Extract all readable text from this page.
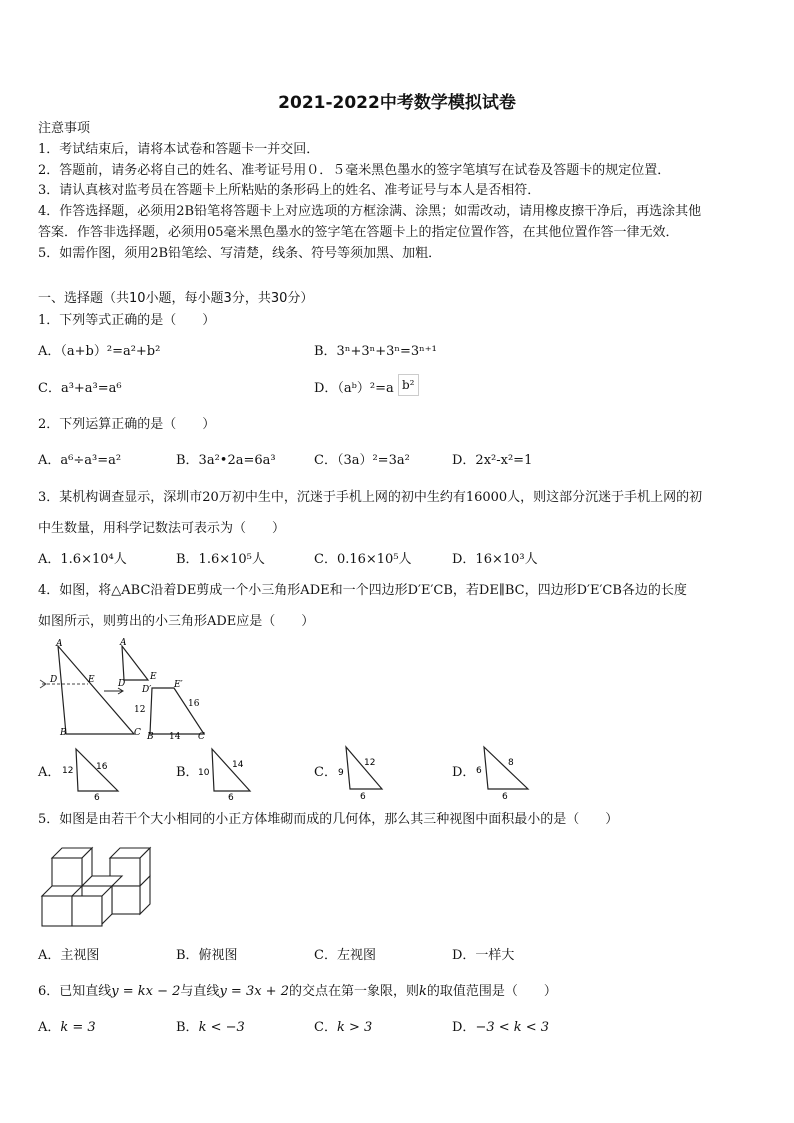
2021-2022中考数学模拟试卷
注意事项
1．考试结束后，请将本试卷和答题卡一并交回．
2．答题前，请务必将自己的姓名、准考证号用０．５毫米黑色墨水的签字笔填写在试卷及答题卡的规定位置．
3．请认真核对监考员在答题卡上所粘贴的条形码上的姓名、准考证号与本人是否相符．
4．作答选择题，必须用2B铅笔将答题卡上对应选项的方框涂满、涂黑；如需改动，请用橡皮擦干净后，再选涂其他
答案．作答非选择题，必须用05毫米黑色墨水的签字笔在答题卡上的指定位置作答，在其他位置作答一律无效．
5．如需作图，须用2B铅笔绘、写清楚，线条、符号等须加黑、加粗．
一、选择题（共10小题，每小题3分，共30分）
1．下列等式正确的是（　　）
A．（a+b）²=a²+b²	B．3ⁿ+3ⁿ+3ⁿ=3ⁿ⁺¹
C．a³+a³=a⁶	D．（aᵇ）²=a b²
2．下列运算正确的是（　　）
A．a⁶÷a³=a²	B．3a²•2a=6a³	C．（3a）²=3a²	D．2x²-x²=1
3．某机构调查显示，深圳市20万初中生中，沉迷于手机上网的初中生约有16000人，则这部分沉迷于手机上网的初
中生数量，用科学记数法可表示为（　　）
A．1.6×10⁴人	B．1.6×10⁵人	C．0.16×10⁵人	D．16×10³人
4．如图，将△ABC沿着DE剪成一个小三角形ADE和一个四边形D′E′CB，若DE∥BC，四边形D′E′CB各边的长度
如图所示，则剪出的小三角形ADE应是（　　）
A
D	E
B	C
A
D
E
D′	E′
12
16
14
B	C
A． 12	16
6
B． 10
14
6
C． 9
12
6
D． 6
8
6
5．如图是由若干个大小相同的小正方体堆砌而成的几何体，那么其三种视图中面积最小的是（　　）
A．主视图	B．俯视图	C．左视图	D．一样大
6．已知直线y = kx − 2与直线y = 3x + 2的交点在第一象限，则k的取值范围是（　　）
A．k = 3	B．k < −3	C．k > 3	D．−3 < k < 3
